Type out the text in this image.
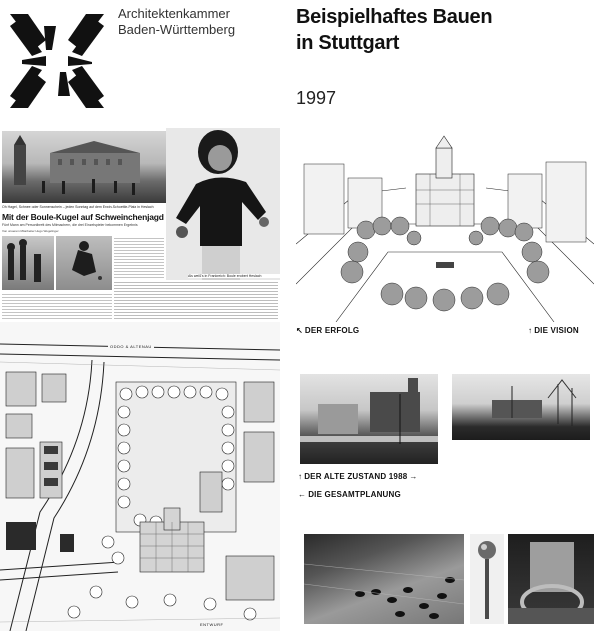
Architektenkammer
Baden-Württemberg
Oh Hagel, Schnee oder Sonnenschein – jeden Sonntag auf dem Erwin-Schoettle-Platz in Heslach
Mit der Boule-Kugel auf Schweinchenjagd
Fünf Mann am Personlbrett des Mitmachern, die drei Einzelspieler bekommen Ergebnis
Von unserem Mitarbeiter Hugo Wegelinger
Als weiß's in Frankreich: Boule erobert Heslach
ODDO & ALTENAU
ENTWURF
Beispielhaftes Bauen
in Stuttgart
1997
↖ DER ERFOLG	↑ DIE VISION
↑ DER ALTE ZUSTAND 1988 →
← DIE GESAMTPLANUNG
